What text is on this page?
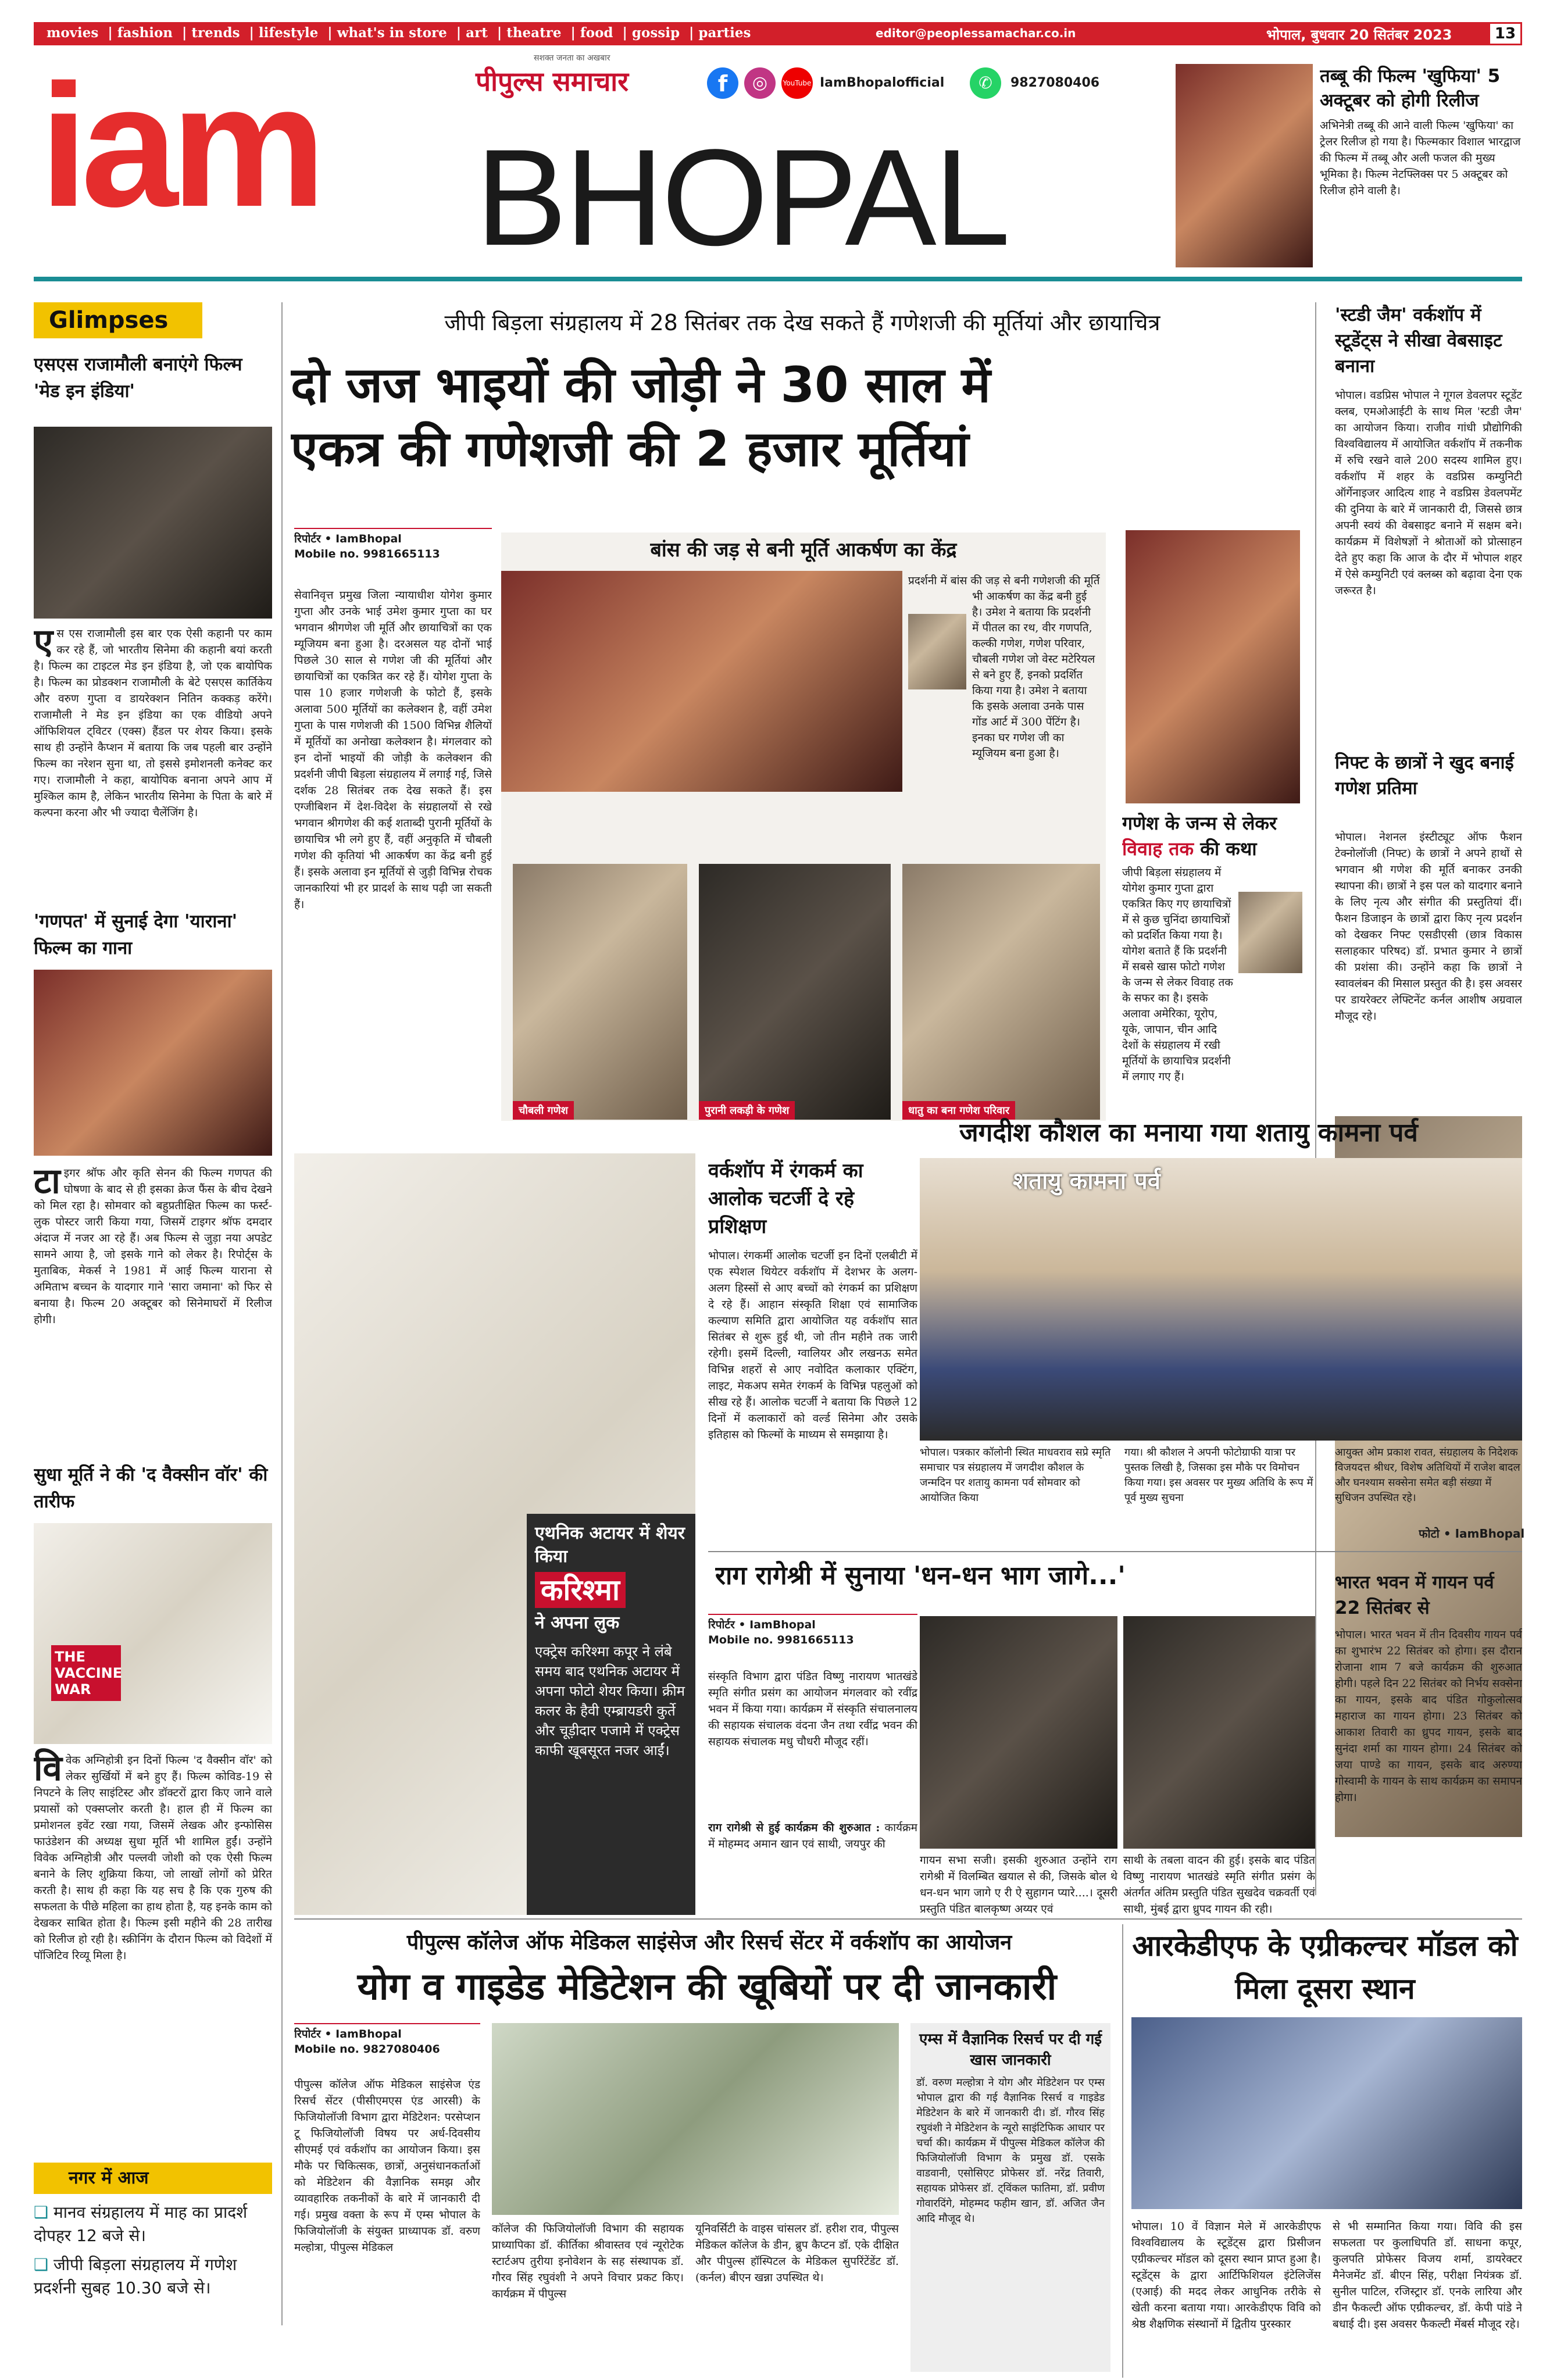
movies | fashion | trends | lifestyle | what's in store | art | theatre | food | gossip | parties	editor@peoplessamachar.co.in	भोपाल, बुधवार 20 सितंबर 2023	13
iam BHOPAL
सशक्त जनता का अखबार
पीपुल्स समाचार	f	◎	YouTube IamBhopalofficial	✆	9827080406	तब्बू की फिल्म 'खुफिया' 5 अक्टूबर को होगी रिलीज
अभिनेत्री तब्बू की आने वाली फिल्म 'खुफिया' का ट्रेलर रिलीज हो गया है। फिल्मकार विशाल भारद्वाज की फिल्म में तब्बू और अली फजल की मुख्य भूमिका है। फिल्म नेटफ्लिक्स पर 5 अक्टूबर को रिलीज होने वाली है।
Glimpses
एसएस राजामौली बनाएंगे फिल्म 'मेड इन इंडिया'
एस एस राजामौली इस बार एक ऐसी कहानी पर काम कर रहे हैं, जो भारतीय सिनेमा की कहानी बयां करती है। फिल्म का टाइटल मेड इन इंडिया है, जो एक बायोपिक है। फिल्म का प्रोडक्शन राजामौली के बेटे एसएस कार्तिकेय और वरुण गुप्ता व डायरेक्शन नितिन कक्कड़ करेंगे। राजामौली ने मेड इन इंडिया का एक वीडियो अपने ऑफिशियल ट्विटर (एक्स) हैंडल पर शेयर किया। इसके साथ ही उन्होंने कैप्शन में बताया कि जब पहली बार उन्होंने फिल्म का नरेशन सुना था, तो इससे इमोशनली कनेक्ट कर गए। राजामौली ने कहा, बायोपिक बनाना अपने आप में मुश्किल काम है, लेकिन भारतीय सिनेमा के पिता के बारे में कल्पना करना और भी ज्यादा चैलेंजिंग है।
'गणपत' में सुनाई देगा 'याराना' फिल्म का गाना
टाइगर श्रॉफ और कृति सेनन की फिल्म गणपत की घोषणा के बाद से ही इसका क्रेज फैंस के बीच देखने को मिल रहा है। सोमवार को बहुप्रतीक्षित फिल्म का फर्स्ट-लुक पोस्टर जारी किया गया, जिसमें टाइगर श्रॉफ दमदार अंदाज में नजर आ रहे हैं। अब फिल्म से जुड़ा नया अपडेट सामने आया है, जो इसके गाने को लेकर है। रिपोर्ट्स के मुताबिक, मेकर्स ने 1981 में आई फिल्म याराना से अमिताभ बच्चन के यादगार गाने 'सारा जमाना' को फिर से बनाया है। फिल्म 20 अक्टूबर को सिनेमाघरों में रिलीज होगी।
सुधा मूर्ति ने की 'द वैक्सीन वॉर' की तारीफ
THE VACCINE WAR
विवेक अग्निहोत्री इन दिनों फिल्म 'द वैक्सीन वॉर' को लेकर सुर्खियों में बने हुए हैं। फिल्म कोविड-19 से निपटने के लिए साइंटिस्ट और डॉक्टरों द्वारा किए जाने वाले प्रयासों को एक्सप्लोर करती है। हाल ही में फिल्म का प्रमोशनल इवेंट रखा गया, जिसमें लेखक और इन्फोसिस फाउंडेशन की अध्यक्ष सुधा मूर्ति भी शामिल हुईं। उन्होंने विवेक अग्निहोत्री और पल्लवी जोशी को एक ऐसी फिल्म बनाने के लिए शुक्रिया किया, जो लाखों लोगों को प्रेरित करती है। साथ ही कहा कि यह सच है कि एक गुरुष की सफलता के पीछे महिला का हाथ होता है, यह इनके काम को देखकर साबित होता है। फिल्म इसी महीने की 28 तारीख को रिलीज हो रही है। स्क्रीनिंग के दौरान फिल्म को विदेशों में पॉजिटिव रिव्यू मिला है।
नगर में आज
❑ मानव संग्रहालय में माह का प्रादर्श दोपहर 12 बजे से।
❑ जीपी बिड़ला संग्रहालय में गणेश प्रदर्शनी सुबह 10.30 बजे से।
जीपी बिड़ला संग्रहालय में 28 सितंबर तक देख सकते हैं गणेशजी की मूर्तियां और छायाचित्र
दो जज भाइयों की जोड़ी ने 30 साल में
एकत्र की गणेशजी की 2 हजार मूर्तियां
रिपोर्टर • IamBhopal
Mobile no. 9981665113
सेवानिवृत्त प्रमुख जिला न्यायाधीश योगेश कुमार गुप्ता और उनके भाई उमेश कुमार गुप्ता का घर भगवान श्रीगणेश जी मूर्ति और छायाचित्रों का एक म्यूजियम बना हुआ है। दरअसल यह दोनों भाई पिछले 30 साल से गणेश जी की मूर्तियां और छायाचित्रों का एकत्रित कर रहे हैं। योगेश गुप्ता के पास 10 हजार गणेशजी के फोटो हैं, इसके अलावा 500 मूर्तियों का कलेक्शन है, वहीं उमेश गुप्ता के पास गणेशजी की 1500 विभिन्न शैलियों में मूर्तियों का अनोखा कलेक्शन है। मंगलवार को इन दोनों भाइयों की जोड़ी के कलेक्शन की प्रदर्शनी जीपी बिड़ला संग्रहालय में लगाई गई, जिसे दर्शक 28 सितंबर तक देख सकते हैं। इस एग्जीबिशन में देश-विदेश के संग्रहालयों से रखे भगवान श्रीगणेश की कई शताब्दी पुरानी मूर्तियों के छायाचित्र भी लगे हुए हैं, वहीं अनुकृति में चौबली गणेश की कृतियां भी आकर्षण का केंद्र बनी हुई हैं। इसके अलावा इन मूर्तियों से जुड़ी विभिन्न रोचक जानकारियां भी हर प्रादर्श के साथ पढ़ी जा सकती हैं।
बांस की जड़ से बनी मूर्ति आकर्षण का केंद्र
प्रदर्शनी में बांस की जड़ से बनी गणेशजी की मूर्ति भी आकर्षण का केंद्र बनी हुई है। उमेश ने बताया कि प्रदर्शनी में पीतल का रथ, वीर गणपति, कल्की गणेश, गणेश परिवार, चौबली गणेश जो वेस्ट मटेरियल से बने हुए हैं, इनको प्रदर्शित किया गया है। उमेश ने बताया कि इसके अलावा उनके पास गोंड आर्ट में 300 पेंटिंग है। इनका घर गणेश जी का म्यूजियम बना हुआ है।
चौबली गणेश	पुरानी लकड़ी के गणेश	धातु का बना गणेश परिवार
गणेश के जन्म से लेकर विवाह तक की कथा
जीपी बिड़ला संग्रहालय में योगेश कुमार गुप्ता द्वारा एकत्रित किए गए छायाचित्रों में से कुछ चुनिंदा छायाचित्रों को प्रदर्शित किया गया है। योगेश बताते हैं कि प्रदर्शनी में सबसे खास फोटो गणेश के जन्म से लेकर विवाह तक के सफर का है। इसके अलावा अमेरिका, यूरोप, यूके, जापान, चीन आदि देशों के संग्रहालय में रखी मूर्तियों के छायाचित्र प्रदर्शनी में लगाए गए हैं।
'स्टडी जैम' वर्कशॉप में स्टूडेंट्स ने सीखा वेबसाइट बनाना
भोपाल। वडप्रिस भोपाल ने गूगल डेवलपर स्टूडेंट क्लब, एमओआईटी के साथ मिल 'स्टडी जैम' का आयोजन किया। राजीव गांधी प्रौद्योगिकी विश्वविद्यालय में आयोजित वर्कशॉप में तकनीक में रुचि रखने वाले 200 सदस्य शामिल हुए। वर्कशॉप में शहर के वडप्रिस कम्युनिटी ऑर्गेनाइजर आदित्य शाह ने वडप्रिस डेवलपमेंट की दुनिया के बारे में जानकारी दी, जिससे छात्र अपनी स्वयं की वेबसाइट बनाने में सक्षम बने। कार्यक्रम में विशेषज्ञों ने श्रोताओं को प्रोत्साहन देते हुए कहा कि आज के दौर में भोपाल शहर में ऐसे कम्युनिटी एवं क्लब्स को बढ़ावा देना एक जरूरत है।
निफ्ट के छात्रों ने खुद बनाई गणेश प्रतिमा
भोपाल। नेशनल इंस्टीट्यूट ऑफ फैशन टेक्नोलॉजी (निफ्ट) के छात्रों ने अपने हाथों से भगवान श्री गणेश की मूर्ति बनाकर उनकी स्थापना की। छात्रों ने इस पल को यादगार बनाने के लिए नृत्य और संगीत की प्रस्तुतियां दीं। फैशन डिजाइन के छात्रों द्वारा किए नृत्य प्रदर्शन को देखकर निफ्ट एसडीएसी (छात्र विकास सलाहकार परिषद) डॉ. प्रभात कुमार ने छात्रों की प्रशंसा की। उन्होंने कहा कि छात्रों ने स्वावलंबन की मिसाल प्रस्तुत की है। इस अवसर पर डायरेक्टर लेफ्टिनेंट कर्नल आशीष अग्रवाल मौजूद रहे।
एथनिक अटायर में शेयर किया
करिश्मा
ने अपना लुक
एक्ट्रेस करिश्मा कपूर ने लंबे समय बाद एथनिक अटायर में अपना फोटो शेयर किया। क्रीम कलर के हैवी एम्ब्रायडरी कुर्ते और चूड़ीदार पजामे में एक्ट्रेस काफी खूबसूरत नजर आईं।
वर्कशॉप में रंगकर्म का आलोक चटर्जी दे रहे प्रशिक्षण
भोपाल। रंगकर्मी आलोक चटर्जी इन दिनों एलबीटी में एक स्पेशल थियेटर वर्कशॉप में देशभर के अलग-अलग हिस्सों से आए बच्चों को रंगकर्म का प्रशिक्षण दे रहे हैं। आहान संस्कृति शिक्षा एवं सामाजिक कल्याण समिति द्वारा आयोजित यह वर्कशॉप सात सितंबर से शुरू हुई थी, जो तीन महीने तक जारी रहेगी। इसमें दिल्ली, ग्वालियर और लखनऊ समेत विभिन्न शहरों से आए नवोदित कलाकार एक्टिंग, लाइट, मेकअप समेत रंगकर्म के विभिन्न पहलुओं को सीख रहे हैं। आलोक चटर्जी ने बताया कि पिछले 12 दिनों में कलाकारों को वर्ल्ड सिनेमा और उसके इतिहास को फिल्मों के माध्यम से समझाया है।
जगदीश कौशल का मनाया गया शतायु कामना पर्व
शतायु कामना पर्व
भोपाल। पत्रकार कॉलोनी स्थित माधवराव सप्रे स्मृति समाचार पत्र संग्रहालय में जगदीश कौशल के जन्मदिन पर शतायु कामना पर्व सोमवार को आयोजित किया
गया। श्री कौशल ने अपनी फोटोग्राफी यात्रा पर पुस्तक लिखी है, जिसका इस मौके पर विमोचन किया गया। इस अवसर पर मुख्य अतिथि के रूप में पूर्व मुख्य सुचना
आयुक्त ओम प्रकाश रावत, संग्रहालय के निदेशक विजयदत्त श्रीधर, विशेष अतिथियों में राजेश बादल और घनश्याम सक्सेना समेत बड़ी संख्या में सुधिजन उपस्थित रहे।
फोटो • IamBhopal
राग रागेश्री में सुनाया 'धन-धन भाग जागे...'
रिपोर्टर • IamBhopal
Mobile no. 9981665113
संस्कृति विभाग द्वारा पंडित विष्णु नारायण भातखंडे स्मृति संगीत प्रसंग का आयोजन मंगलवार को रवींद्र भवन में किया गया। कार्यक्रम में संस्कृति संचालनालय की सहायक संचालक वंदना जैन तथा रवींद्र भवन की सहायक संचालक मधु चौधरी मौजूद रहीं।
राग रागेश्री से हुई कार्यक्रम की शुरुआत : कार्यक्रम में मोहम्मद अमान खान एवं साथी, जयपुर की
गायन सभा सजी। इसकी शुरुआत उन्होंने राग रागेश्री में विलम्बित खयाल से की, जिसके बोल थे धन-धन भाग जागे ए री ऐ सुहागन प्यारे....। दूसरी प्रस्तुति पंडित बालकृष्ण अय्यर एवं
साथी के तबला वादन की हुई। इसके बाद पंडित विष्णु नारायण भातखंडे स्मृति संगीत प्रसंग के अंतर्गत अंतिम प्रस्तुति पंडित सुखदेव चक्रवर्ती एवं साथी, मुंबई द्वारा ध्रुपद गायन की रही।
भारत भवन में गायन पर्व 22 सितंबर से
भोपाल। भारत भवन में तीन दिवसीय गायन पर्व का शुभारंभ 22 सितंबर को होगा। इस दौरान रोजाना शाम 7 बजे कार्यक्रम की शुरुआत होगी। पहले दिन 22 सितंबर को निर्भय सक्सेना का गायन, इसके बाद पंडित गोकुलोत्सव महाराज का गायन होगा। 23 सितंबर को आकाश तिवारी का ध्रुपद गायन, इसके बाद सुनंदा शर्मा का गायन होगा। 24 सितंबर को जया पाण्डे का गायन, इसके बाद अरुण्या गोस्वामी के गायन के साथ कार्यक्रम का समापन होगा।
पीपुल्स कॉलेज ऑफ मेडिकल साइंसेज और रिसर्च सेंटर में वर्कशॉप का आयोजन
योग व गाइडेड मेडिटेशन की खूबियों पर दी जानकारी
रिपोर्टर • IamBhopal
Mobile no. 9827080406
पीपुल्स कॉलेज ऑफ मेडिकल साइंसेज एंड रिसर्च सेंटर (पीसीएमएस एंड आरसी) के फिजियोलॉजी विभाग द्वारा मेडिटेशन: परसेप्शन टू फिजियोलॉजी विषय पर अर्ध-दिवसीय सीएमई एवं वर्कशॉप का आयोजन किया। इस मौके पर चिकित्सक, छात्रों, अनुसंधानकर्ताओं को मेडिटेशन की वैज्ञानिक समझ और व्यावहारिक तकनीकों के बारे में जानकारी दी गई। प्रमुख वक्ता के रूप में एम्स भोपाल के फिजियोलॉजी के संयुक्त प्राध्यापक डॉ. वरुण मल्होत्रा, पीपुल्स मेडिकल
कॉलेज की फिजियोलॉजी विभाग की सहायक प्राध्यापिका डॉ. कीर्तिका श्रीवास्तव एवं न्यूरोटेक स्टार्टअप तुरीया इनोवेशन के सह संस्थापक डॉ. गौरव सिंह रघुवंशी ने अपने विचार प्रकट किए। कार्यक्रम में पीपुल्स
यूनिवर्सिटी के वाइस चांसलर डॉ. हरीश राव, पीपुल्स मेडिकल कॉलेज के डीन, ब्रुप कैप्टन डॉ. एके दीक्षित और पीपुल्स हॉस्पिटल के मेडिकल सुपरिंटेंडेंट डॉ. (कर्नल) बीएन खन्ना उपस्थित थे।
एम्स में वैज्ञानिक रिसर्च पर दी गई खास जानकारी
डॉ. वरुण मल्होत्रा ने योग और मेडिटेशन पर एम्स भोपाल द्वारा की गई वैज्ञानिक रिसर्च व गाइडेड मेडिटेशन के बारे में जानकारी दी। डॉ. गौरव सिंह रघुवंशी ने मेडिटेशन के न्यूरो साइंटिफिक आधार पर चर्चा की। कार्यक्रम में पीपुल्स मेडिकल कॉलेज की फिजियोलॉजी विभाग के प्रमुख डॉ. एसके वाडवानी, एसोसिएट प्रोफेसर डॉ. नरेंद्र तिवारी, सहायक प्रोफेसर डॉ. ट्विंकल फातिमा, डॉ. प्रवीण गोवारदिंगे, मोहम्मद फहीम खान, डॉ. अजित जैन आदि मौजूद थे।
आरकेडीएफ के एग्रीकल्चर मॉडल को मिला दूसरा स्थान
भोपाल। 10 वें विज्ञान मेले में आरकेडीएफ विश्वविद्यालय के स्टूडेंट्स द्वारा प्रिसीजन एग्रीकल्चर मॉडल को दूसरा स्थान प्राप्त हुआ है। स्टूडेंट्स के द्वारा आर्टिफिशियल इंटेलिजेंस (एआई) की मदद लेकर आधुनिक तरीके से खेती करना बताया गया। आरकेडीएफ विवि को श्रेष्ठ शैक्षणिक संस्थानों में द्वितीय पुरस्कार
से भी सम्मानित किया गया। विवि की इस सफलता पर कुलाधिपति डॉ. साधना कपूर, कुलपति प्रोफेसर विजय शर्मा, डायरेक्टर मैनेजमेंट डॉ. बीएन सिंह, परीक्षा नियंत्रक डॉ. सुनील पाटिल, रजिस्ट्रार डॉ. एनके लारिया और डीन फैकल्टी ऑफ एग्रीकल्चर, डॉ. केपी पांडे ने बधाई दी। इस अवसर फैकल्टी मेंबर्स मौजूद रहे।
